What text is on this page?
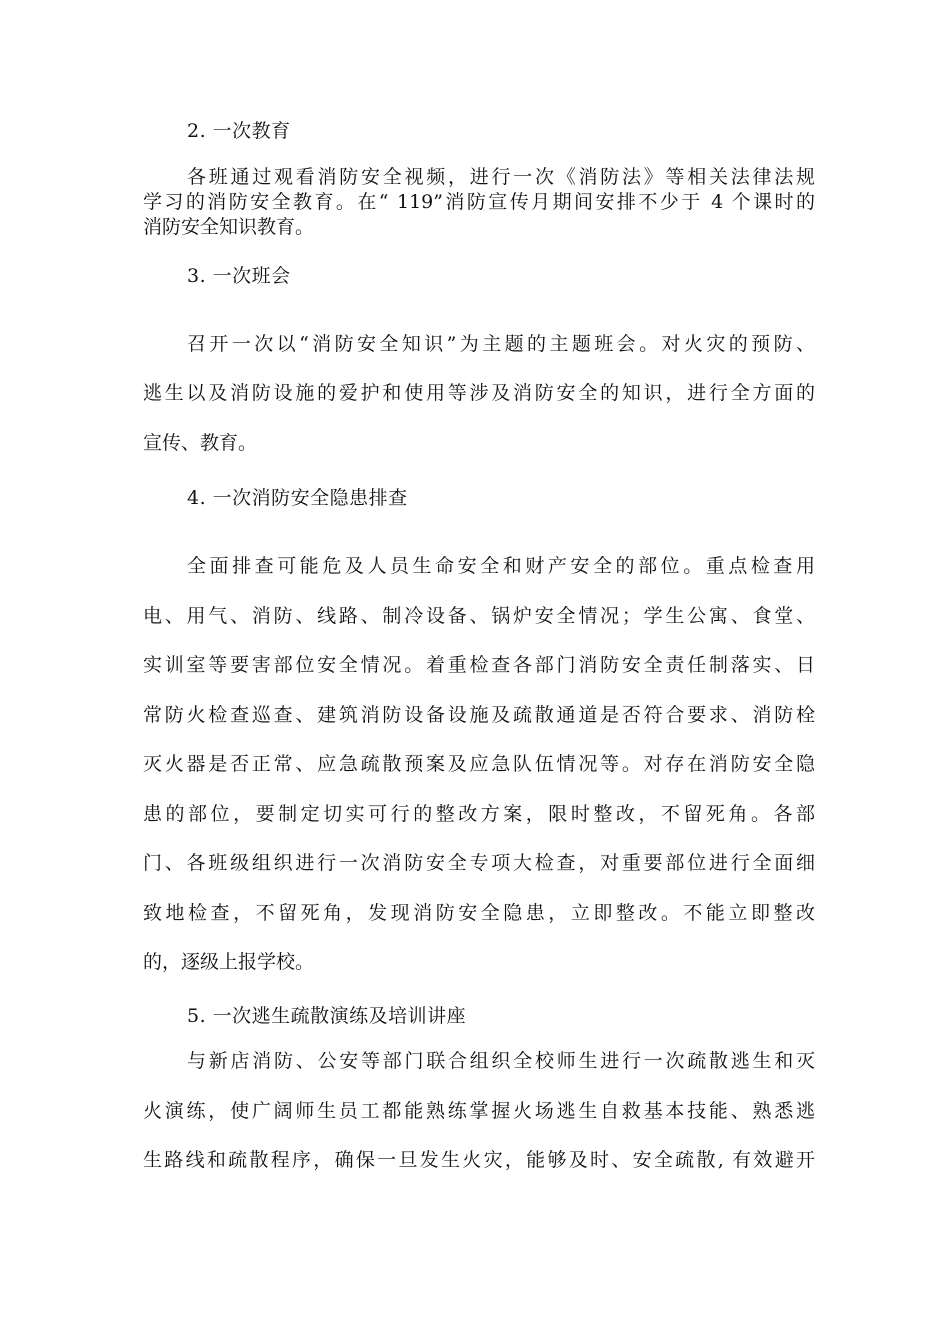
2. 一次教育
各班通过观看消防安全视频，进行一次《消防法》等相关法律法规
学习的消防安全教育。在“ 119”消防宣传月期间安排不少于 4 个课时的
消防安全知识教育。
3. 一次班会
召开一次以“消防安全知识”为主题的主题班会。对火灾的预防、
逃生以及消防设施的爱护和使用等涉及消防安全的知识，进行全方面的
宣传、教育。
4. 一次消防安全隐患排查
全面排查可能危及人员生命安全和财产安全的部位。重点检查用
电、用气、消防、线路、制冷设备、锅炉安全情况；学生公寓、食堂、
实训室等要害部位安全情况。着重检查各部门消防安全责任制落实、日
常防火检查巡查、建筑消防设备设施及疏散通道是否符合要求、消防栓
灭火器是否正常、应急疏散预案及应急队伍情况等。对存在消防安全隐
患的部位，要制定切实可行的整改方案，限时整改，不留死角。各部
门、各班级组织进行一次消防安全专项大检查，对重要部位进行全面细
致地检查，不留死角，发现消防安全隐患，立即整改。不能立即整改
的，逐级上报学校。
5. 一次逃生疏散演练及培训讲座
与新店消防、公安等部门联合组织全校师生进行一次疏散逃生和灭
火演练，使广阔师生员工都能熟练掌握火场逃生自救基本技能、熟悉逃
生路线和疏散程序，确保一旦发生火灾，能够及时、安全疏散, 有效避开
